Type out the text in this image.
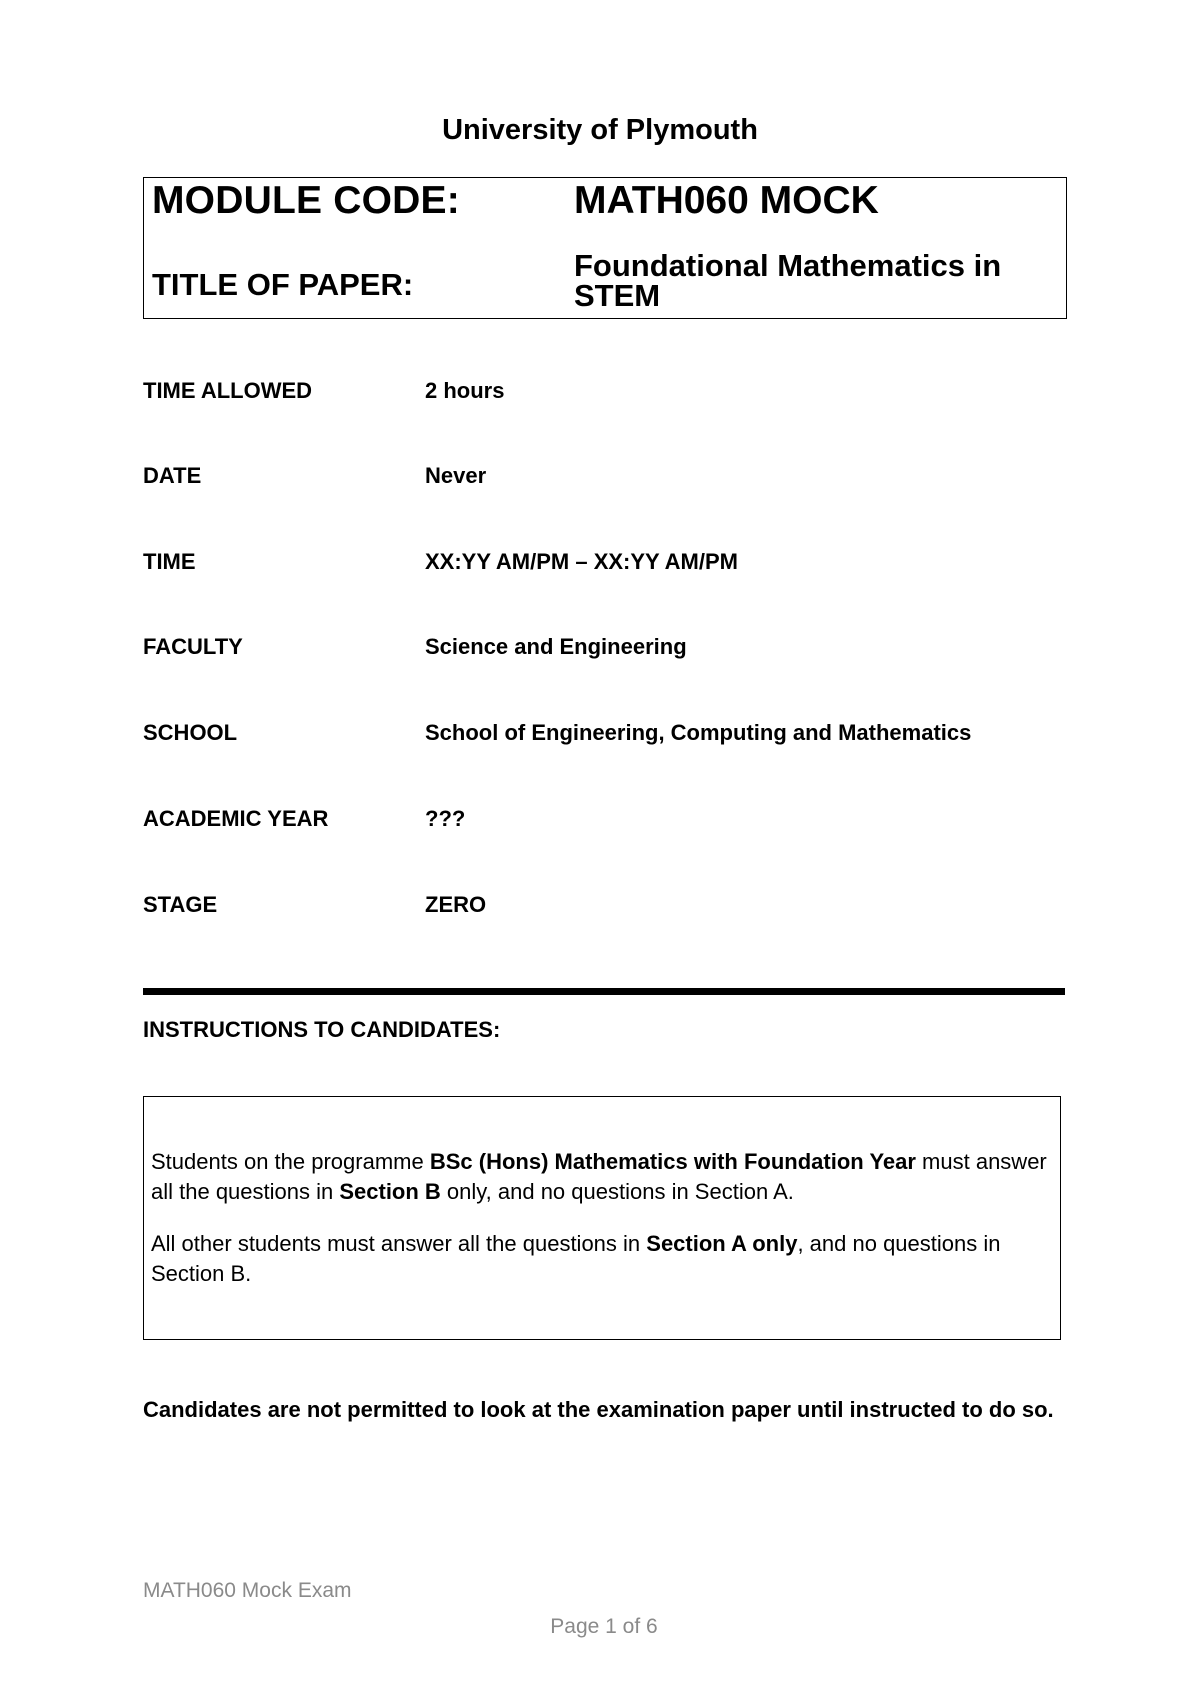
University of Plymouth
MODULE CODE:	MATH060 MOCK
TITLE OF PAPER:
Foundational Mathematics in STEM
TIME ALLOWED	2 hours
DATE	Never
TIME	XX:YY AM/PM – XX:YY AM/PM
FACULTY	Science and Engineering
SCHOOL	School of Engineering, Computing and Mathematics
ACADEMIC YEAR	???
STAGE	ZERO
INSTRUCTIONS TO CANDIDATES:

Students on the programme BSc (Hons) Mathematics with Foundation Year must answer all the questions in Section B only, and no questions in Section A.

All other students must answer all the questions in Section A only, and no questions in Section B.

Candidates are not permitted to look at the examination paper until instructed to do so.
MATH060 Mock Exam
Page 1 of 6
